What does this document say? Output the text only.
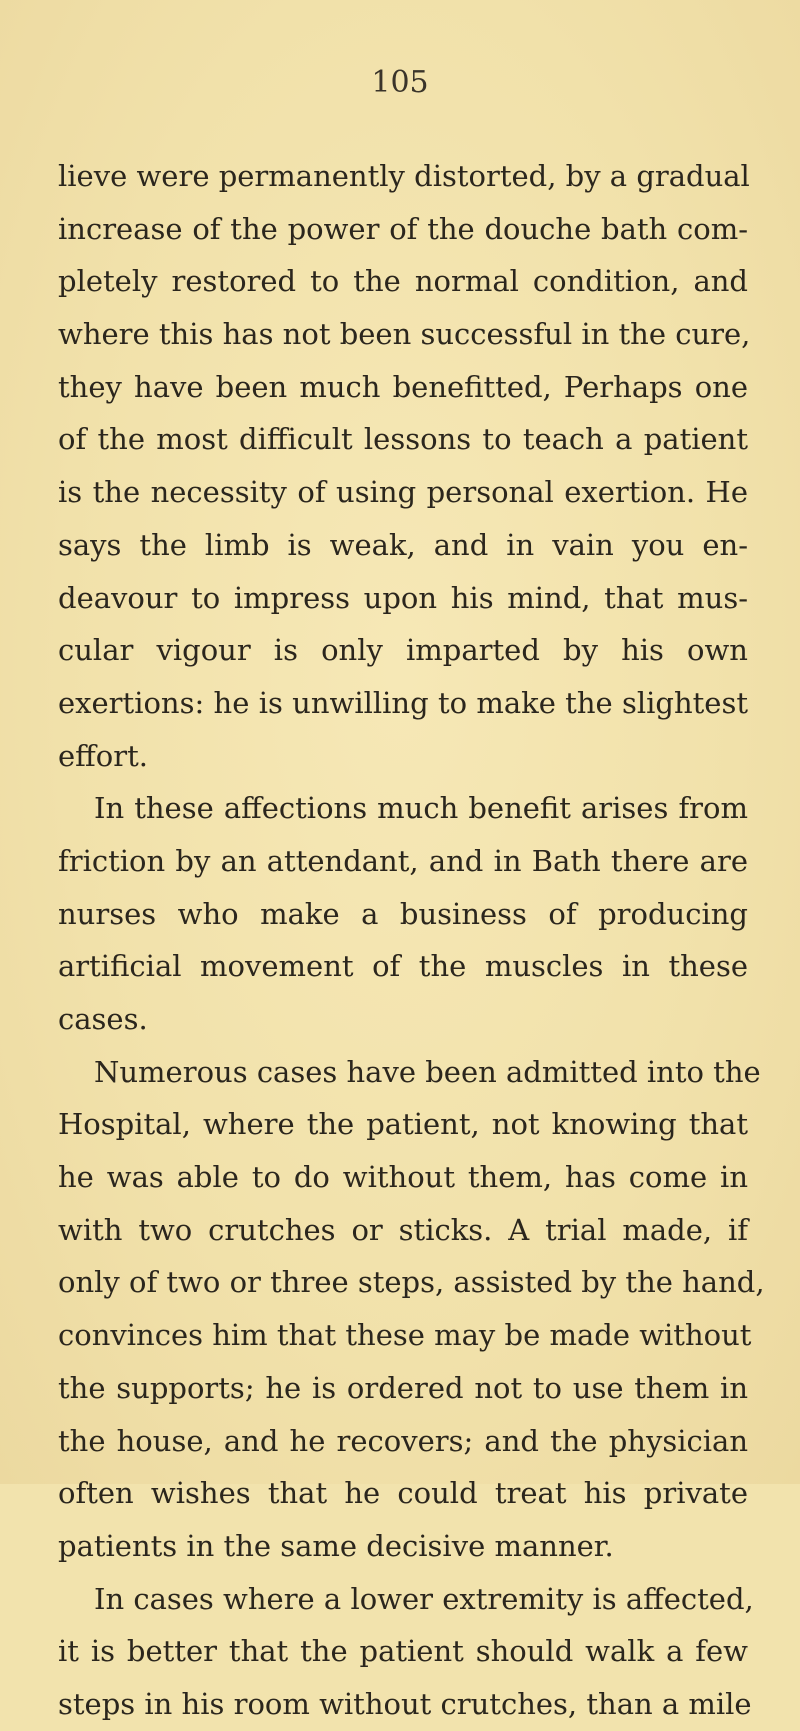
105
lieve were permanently distorted, by a gradual
increase of the power of the douche bath com-
pletely restored to the normal condition, and
where this has not been successful in the cure,
they have been much benefitted, Perhaps one
of the most difficult lessons to teach a patient
is the necessity of using personal exertion. He
says the limb is weak, and in vain you en-
deavour to impress upon his mind, that mus-
cular vigour is only imparted by his own
exertions: he is unwilling to make the slightest
effort.
In these affections much benefit arises from
friction by an attendant, and in Bath there are
nurses who make a business of producing
artificial movement of the muscles in these
cases.
Numerous cases have been admitted into the
Hospital, where the patient, not knowing that
he was able to do without them, has come in
with two crutches or sticks. A trial made, if
only of two or three steps, assisted by the hand,
convinces him that these may be made without
the supports; he is ordered not to use them in
the house, and he recovers; and the physician
often wishes that he could treat his private
patients in the same decisive manner.
In cases where a lower extremity is affected,
it is better that the patient should walk a few
steps in his room without crutches, than a mile
